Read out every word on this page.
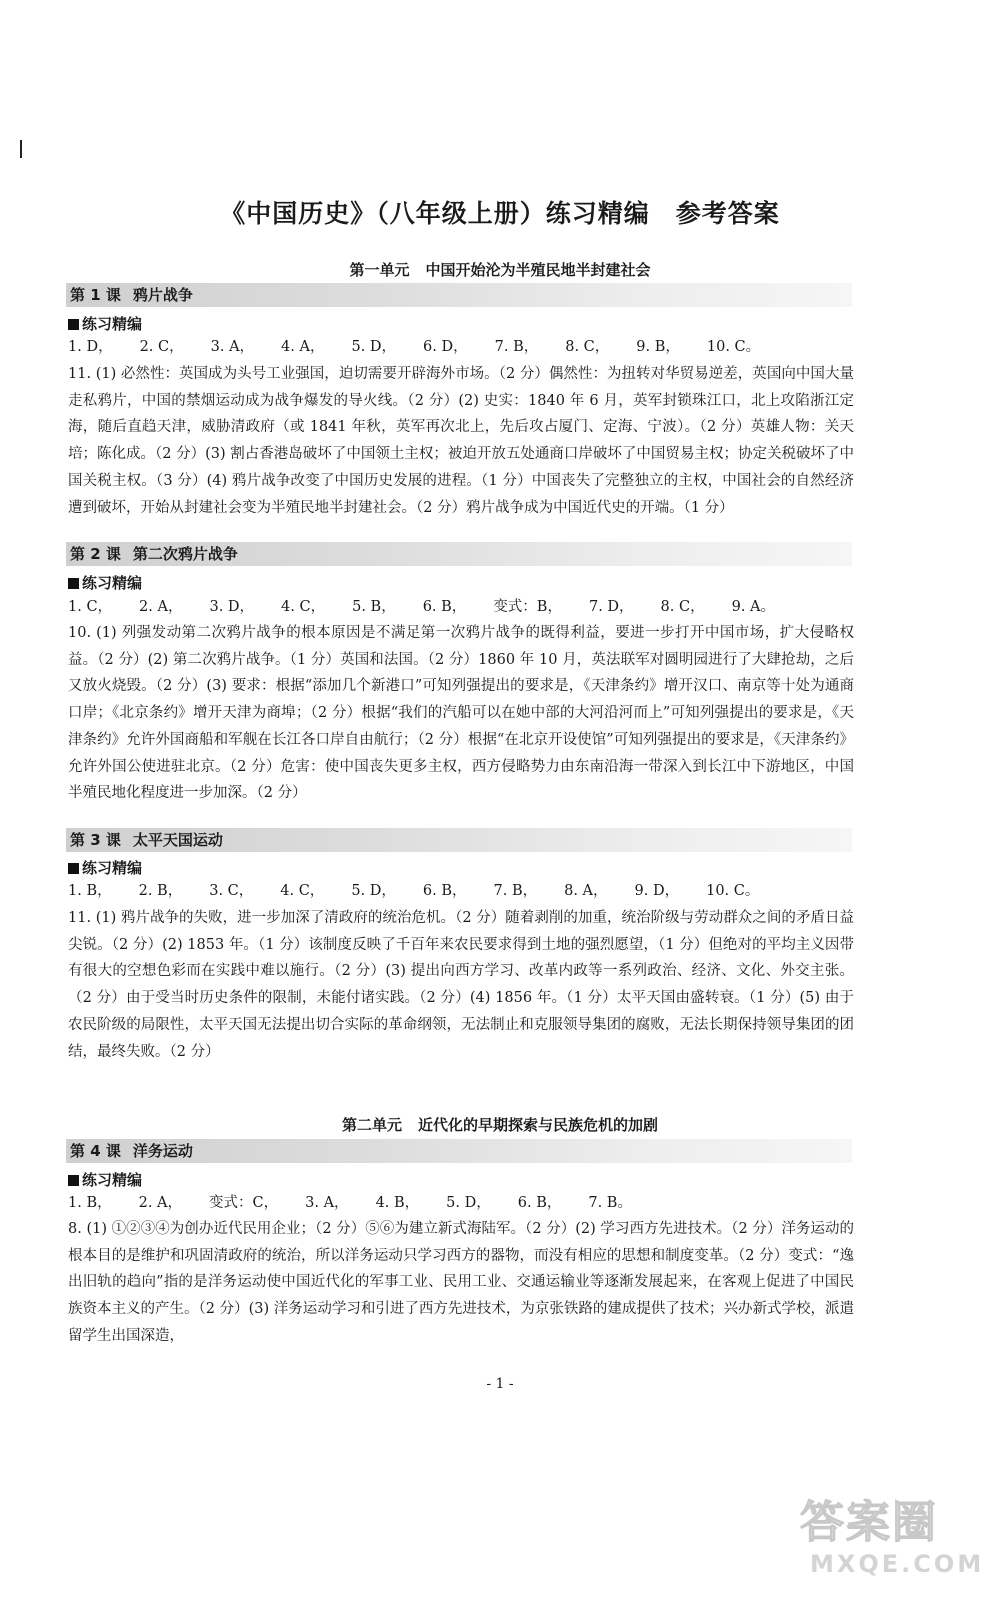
《中国历史》（八年级上册）练习精编　参考答案
第一单元 中国开始沦为半殖民地半封建社会
第 1 课 鸦片战争
练习精编
1. D， 2. C， 3. A， 4. A， 5. D， 6. D， 7. B， 8. C， 9. B， 10. C。
11. (1) 必然性：英国成为头号工业强国，迫切需要开辟海外市场。（2 分）偶然性：为扭转对华贸易逆差，英国向中国大量走私鸦片，中国的禁烟运动成为战争爆发的导火线。（2 分）(2) 史实：1840 年 6 月，英军封锁珠江口，北上攻陷浙江定海，随后直趋天津，威胁清政府（或 1841 年秋，英军再次北上，先后攻占厦门、定海、宁波）。（2 分）英雄人物：关天培；陈化成。（2 分）(3) 割占香港岛破坏了中国领土主权；被迫开放五处通商口岸破坏了中国贸易主权；协定关税破坏了中国关税主权。（3 分）(4) 鸦片战争改变了中国历史发展的进程。（1 分）中国丧失了完整独立的主权，中国社会的自然经济遭到破坏，开始从封建社会变为半殖民地半封建社会。（2 分）鸦片战争成为中国近代史的开端。（1 分）
第 2 课 第二次鸦片战争
练习精编
1. C， 2. A， 3. D， 4. C， 5. B， 6. B， 变式：B， 7. D， 8. C， 9. A。
10. (1) 列强发动第二次鸦片战争的根本原因是不满足第一次鸦片战争的既得利益，要进一步打开中国市场，扩大侵略权益。（2 分）(2) 第二次鸦片战争。（1 分）英国和法国。（2 分）1860 年 10 月，英法联军对圆明园进行了大肆抢劫，之后又放火烧毁。（2 分）(3) 要求：根据“添加几个新港口”可知列强提出的要求是，《天津条约》增开汉口、南京等十处为通商口岸；《北京条约》增开天津为商埠；（2 分）根据“我们的汽船可以在她中部的大河沿河而上”可知列强提出的要求是，《天津条约》允许外国商船和军舰在长江各口岸自由航行；（2 分）根据“在北京开设使馆”可知列强提出的要求是，《天津条约》允许外国公使进驻北京。（2 分）危害：使中国丧失更多主权，西方侵略势力由东南沿海一带深入到长江中下游地区，中国半殖民地化程度进一步加深。（2 分）
第 3 课 太平天国运动
练习精编
1. B， 2. B， 3. C， 4. C， 5. D， 6. B， 7. B， 8. A， 9. D， 10. C。
11. (1) 鸦片战争的失败，进一步加深了清政府的统治危机。（2 分）随着剥削的加重，统治阶级与劳动群众之间的矛盾日益尖锐。（2 分）(2) 1853 年。（1 分）该制度反映了千百年来农民要求得到土地的强烈愿望，（1 分）但绝对的平均主义因带有很大的空想色彩而在实践中难以施行。（2 分）(3) 提出向西方学习、改革内政等一系列政治、经济、文化、外交主张。（2 分）由于受当时历史条件的限制，未能付诸实践。（2 分）(4) 1856 年。（1 分）太平天国由盛转衰。（1 分）(5) 由于农民阶级的局限性，太平天国无法提出切合实际的革命纲领，无法制止和克服领导集团的腐败，无法长期保持领导集团的团结，最终失败。（2 分）
第二单元 近代化的早期探索与民族危机的加剧
第 4 课 洋务运动
练习精编
1. B， 2. A， 变式：C， 3. A， 4. B， 5. D， 6. B， 7. B。
8. (1) ①②③④为创办近代民用企业；（2 分）⑤⑥为建立新式海陆军。（2 分）(2) 学习西方先进技术。（2 分）洋务运动的根本目的是维护和巩固清政府的统治，所以洋务运动只学习西方的器物，而没有相应的思想和制度变革。（2 分）变式：“逸出旧轨的趋向”指的是洋务运动使中国近代化的军事工业、民用工业、交通运输业等逐渐发展起来，在客观上促进了中国民族资本主义的产生。（2 分）(3) 洋务运动学习和引进了西方先进技术，为京张铁路的建成提供了技术；兴办新式学校，派遣留学生出国深造，
- 1 -
答案圈
MXQE.COM
